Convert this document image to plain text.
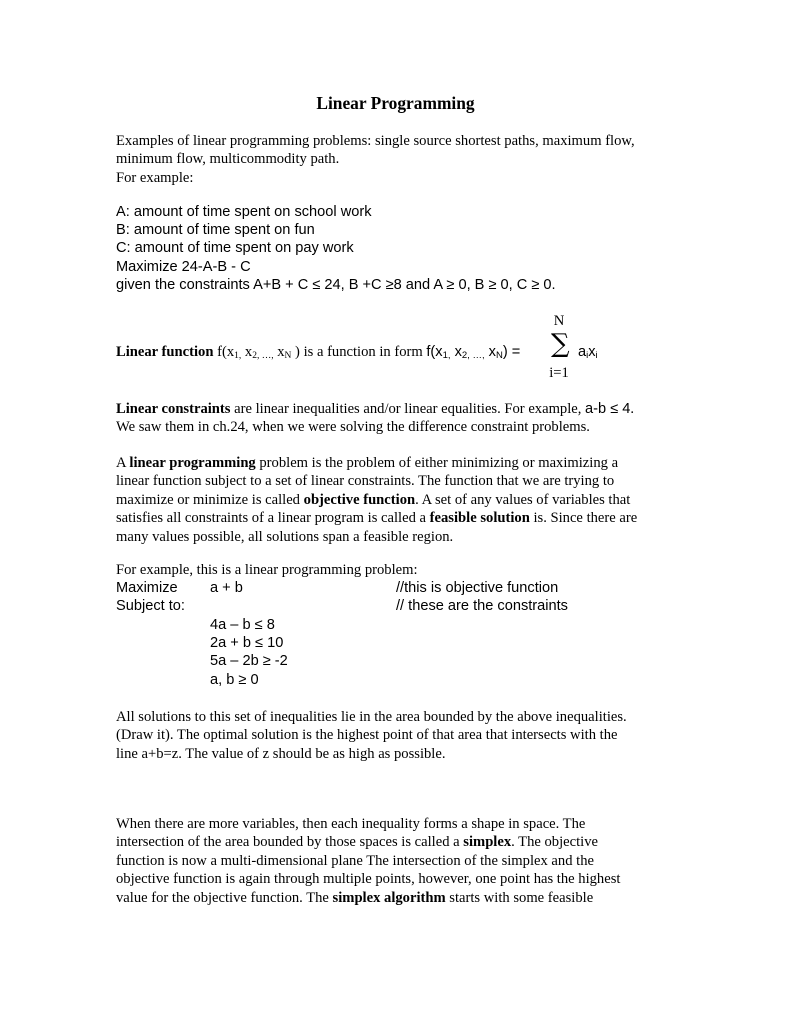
Linear Programming
Examples of linear programming problems: single source shortest paths, maximum flow,
minimum flow, multicommodity path.
For example:
A: amount of time spent on school work
B: amount of time spent on fun
C: amount of time spent on pay work
Maximize 24-A-B - C
given the constraints A+B + C ≤ 24, B +C ≥8 and A ≥ 0, B ≥ 0, C ≥ 0.
N
∑
i=1
Linear function $f(x_{1,}$ $x_{2, \dots,}$ $x_N$ ) is a function in form $f(x_{1,}$ $x_{2, \dots,}$ $x_N$) =	$a_ix_i$
Linear constraints are linear inequalities and/or linear equalities. For example, a-b ≤ 4.
We saw them in ch.24, when we were solving the difference constraint problems.
A linear programming problem is the problem of either minimizing or maximizing a
linear function subject to a set of linear constraints. The function that we are trying to
maximize or minimize is called objective function. A set of any values of variables that
satisfies all constraints of a linear program is called a feasible solution is. Since there are
many values possible, all solutions span a feasible region.
For example, this is a linear programming problem:
Maximize a + b	//this is objective function
Subject to:	// these are the constraints
4a – b ≤ 8
2a + b ≤ 10
5a – 2b ≥ -2
a, b ≥ 0
All solutions to this set of inequalities lie in the area bounded by the above inequalities.
(Draw it). The optimal solution is the highest point of that area that intersects with the
line a+b=z. The value of z should be as high as possible.
When there are more variables, then each inequality forms a shape in space. The
intersection of the area bounded by those spaces is called a simplex. The objective
function is now a multi-dimensional plane The intersection of the simplex and the
objective function is again through multiple points, however, one point has the highest
value for the objective function. The simplex algorithm starts with some feasible
